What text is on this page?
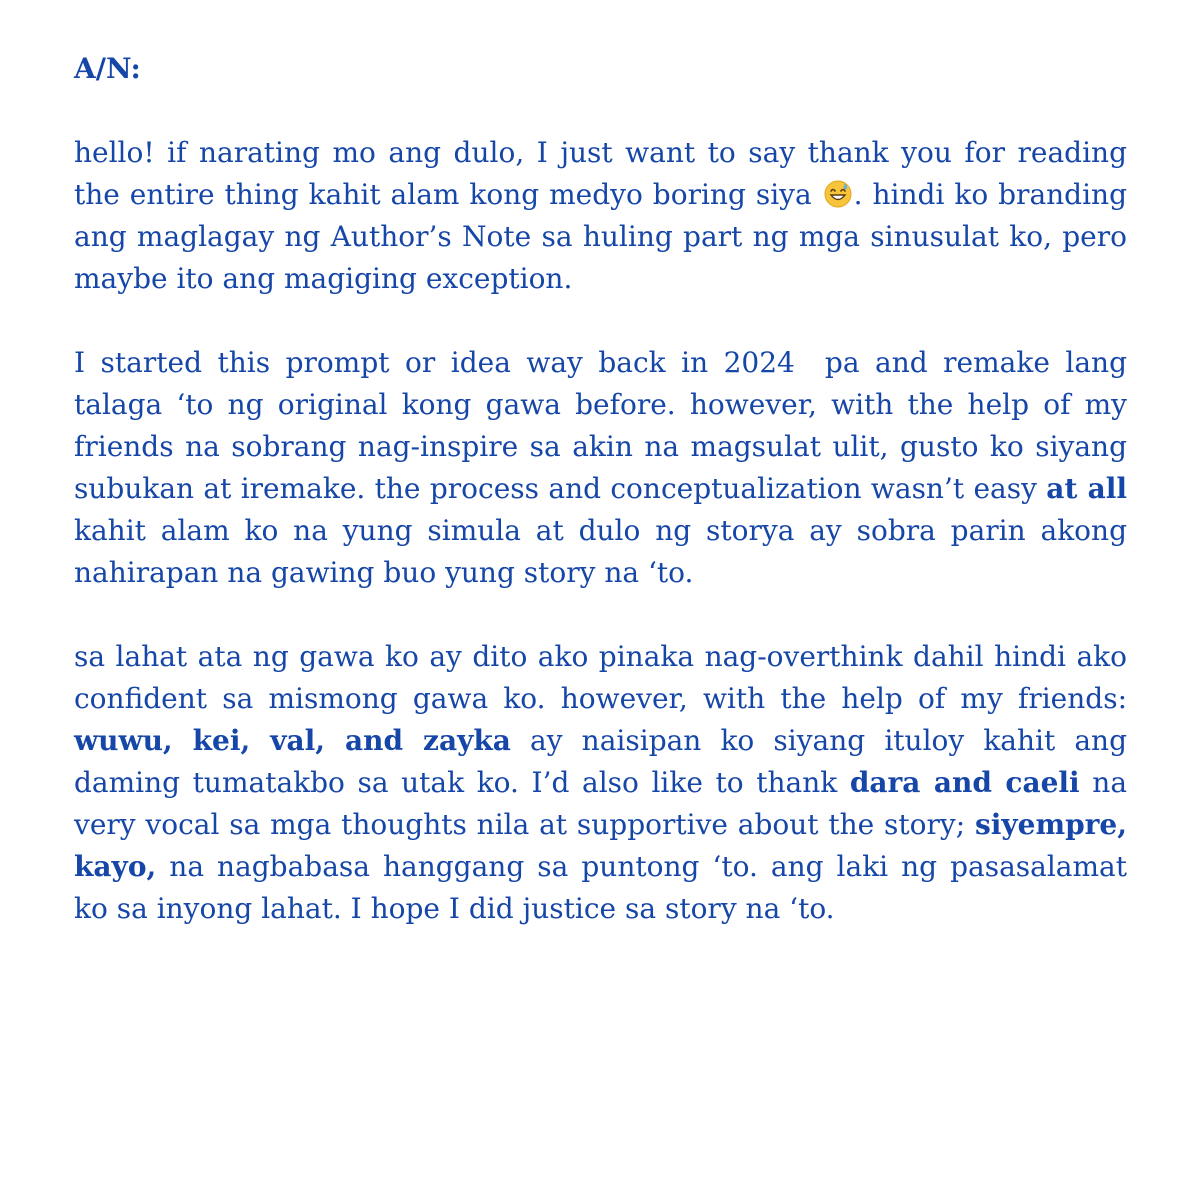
A/N:

hello! if narating mo ang dulo, I just want to say thank you for reading the entire thing kahit alam kong medyo boring siya . hindi ko branding ang maglagay ng Author’s Note sa huling part ng mga sinusulat ko, pero maybe ito ang magiging exception.

I started this prompt or idea way back in 2024 pa and remake lang talaga ‘to ng original kong gawa before. however, with the help of my friends na sobrang nag-inspire sa akin na magsulat ulit, gusto ko siyang subukan at iremake. the process and conceptualization wasn’t easy at all kahit alam ko na yung simula at dulo ng storya ay sobra parin akong nahirapan na gawing buo yung story na ‘to.

sa lahat ata ng gawa ko ay dito ako pinaka nag-overthink dahil hindi ako confident sa mismong gawa ko. however, with the help of my friends: wuwu, kei, val, and zayka ay naisipan ko siyang ituloy kahit ang daming tumatakbo sa utak ko. I’d also like to thank dara and caeli na very vocal sa mga thoughts nila at supportive about the story; siyempre, kayo, na nagbabasa hanggang sa puntong ‘to. ang laki ng pasasalamat ko sa inyong lahat. I hope I did justice sa story na ‘to.
